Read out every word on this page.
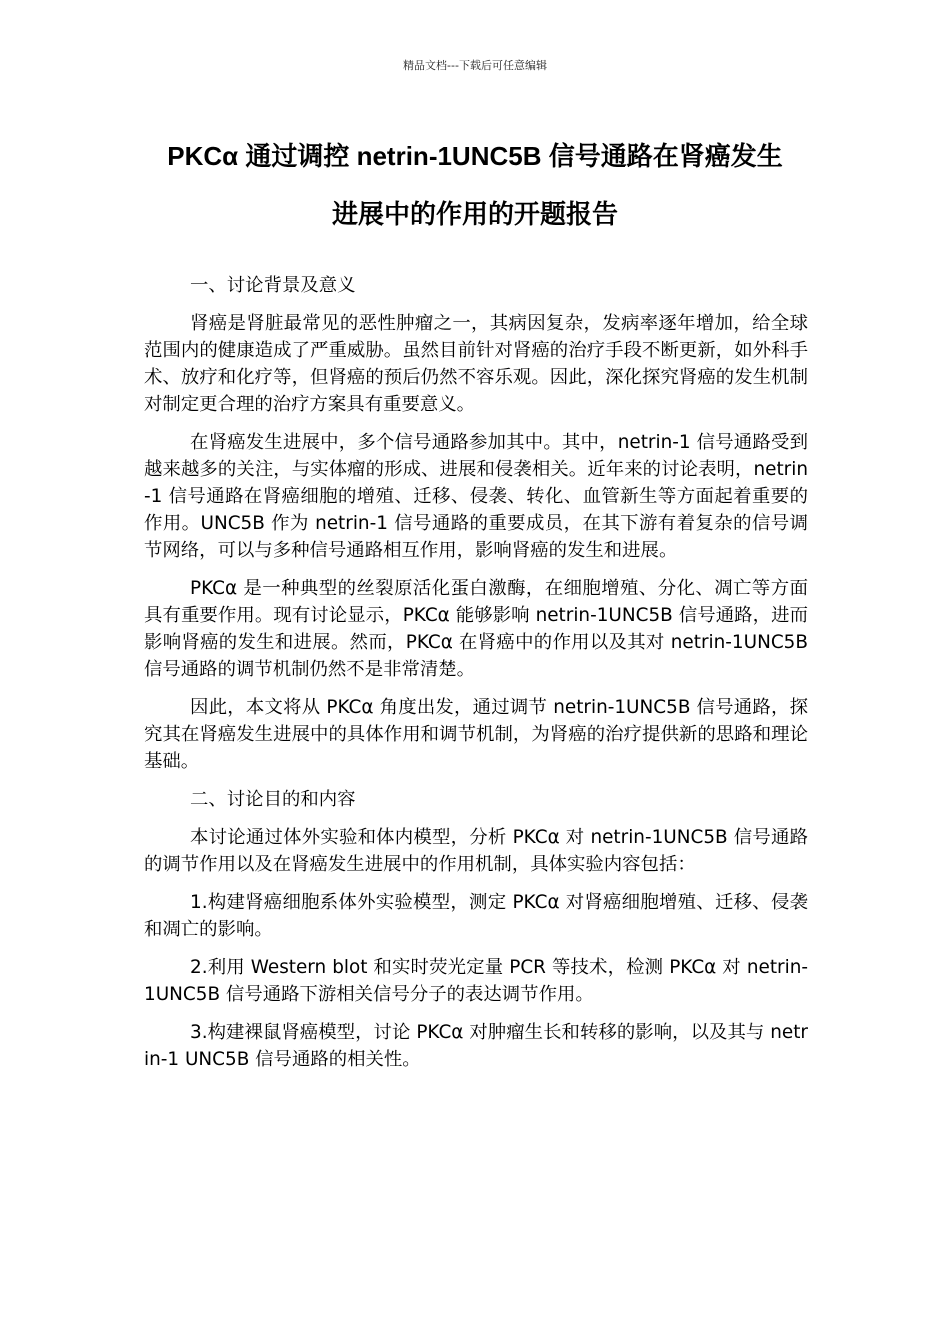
精品文档---下载后可任意编辑
PKCα 通过调控 netrin-1UNC5B 信号通路在肾癌发生
进展中的作用的开题报告

一、讨论背景及意义

肾癌是肾脏最常见的恶性肿瘤之一，其病因复杂，发病率逐年增加，给全球范围内的健康造成了严重威胁。虽然目前针对肾癌的治疗手段不断更新，如外科手术、放疗和化疗等，但肾癌的预后仍然不容乐观。因此，深化探究肾癌的发生机制对制定更合理的治疗方案具有重要意义。

在肾癌发生进展中，多个信号通路参加其中。其中，netrin-1 信号通路受到越来越多的关注，与实体瘤的形成、进展和侵袭相关。近年来的讨论表明，netrin-1 信号通路在肾癌细胞的增殖、迁移、侵袭、转化、血管新生等方面起着重要的作用。UNC5B 作为 netrin-1 信号通路的重要成员，在其下游有着复杂的信号调节网络，可以与多种信号通路相互作用，影响肾癌的发生和进展。

PKCα 是一种典型的丝裂原活化蛋白激酶，在细胞增殖、分化、凋亡等方面具有重要作用。现有讨论显示，PKCα 能够影响 netrin-1UNC5B 信号通路，进而影响肾癌的发生和进展。然而，PKCα 在肾癌中的作用以及其对 netrin-1UNC5B 信号通路的调节机制仍然不是非常清楚。

因此，本文将从 PKCα 角度出发，通过调节 netrin-1UNC5B 信号通路，探究其在肾癌发生进展中的具体作用和调节机制，为肾癌的治疗提供新的思路和理论基础。

二、讨论目的和内容

本讨论通过体外实验和体内模型，分析 PKCα 对 netrin-1UNC5B 信号通路的调节作用以及在肾癌发生进展中的作用机制，具体实验内容包括：

1.构建肾癌细胞系体外实验模型，测定 PKCα 对肾癌细胞增殖、迁移、侵袭和凋亡的影响。

2.利用 Western blot 和实时荧光定量 PCR 等技术，检测 PKCα 对 netrin-1UNC5B 信号通路下游相关信号分子的表达调节作用。

3.构建裸鼠肾癌模型，讨论 PKCα 对肿瘤生长和转移的影响，以及其与 netrin-1 UNC5B 信号通路的相关性。
